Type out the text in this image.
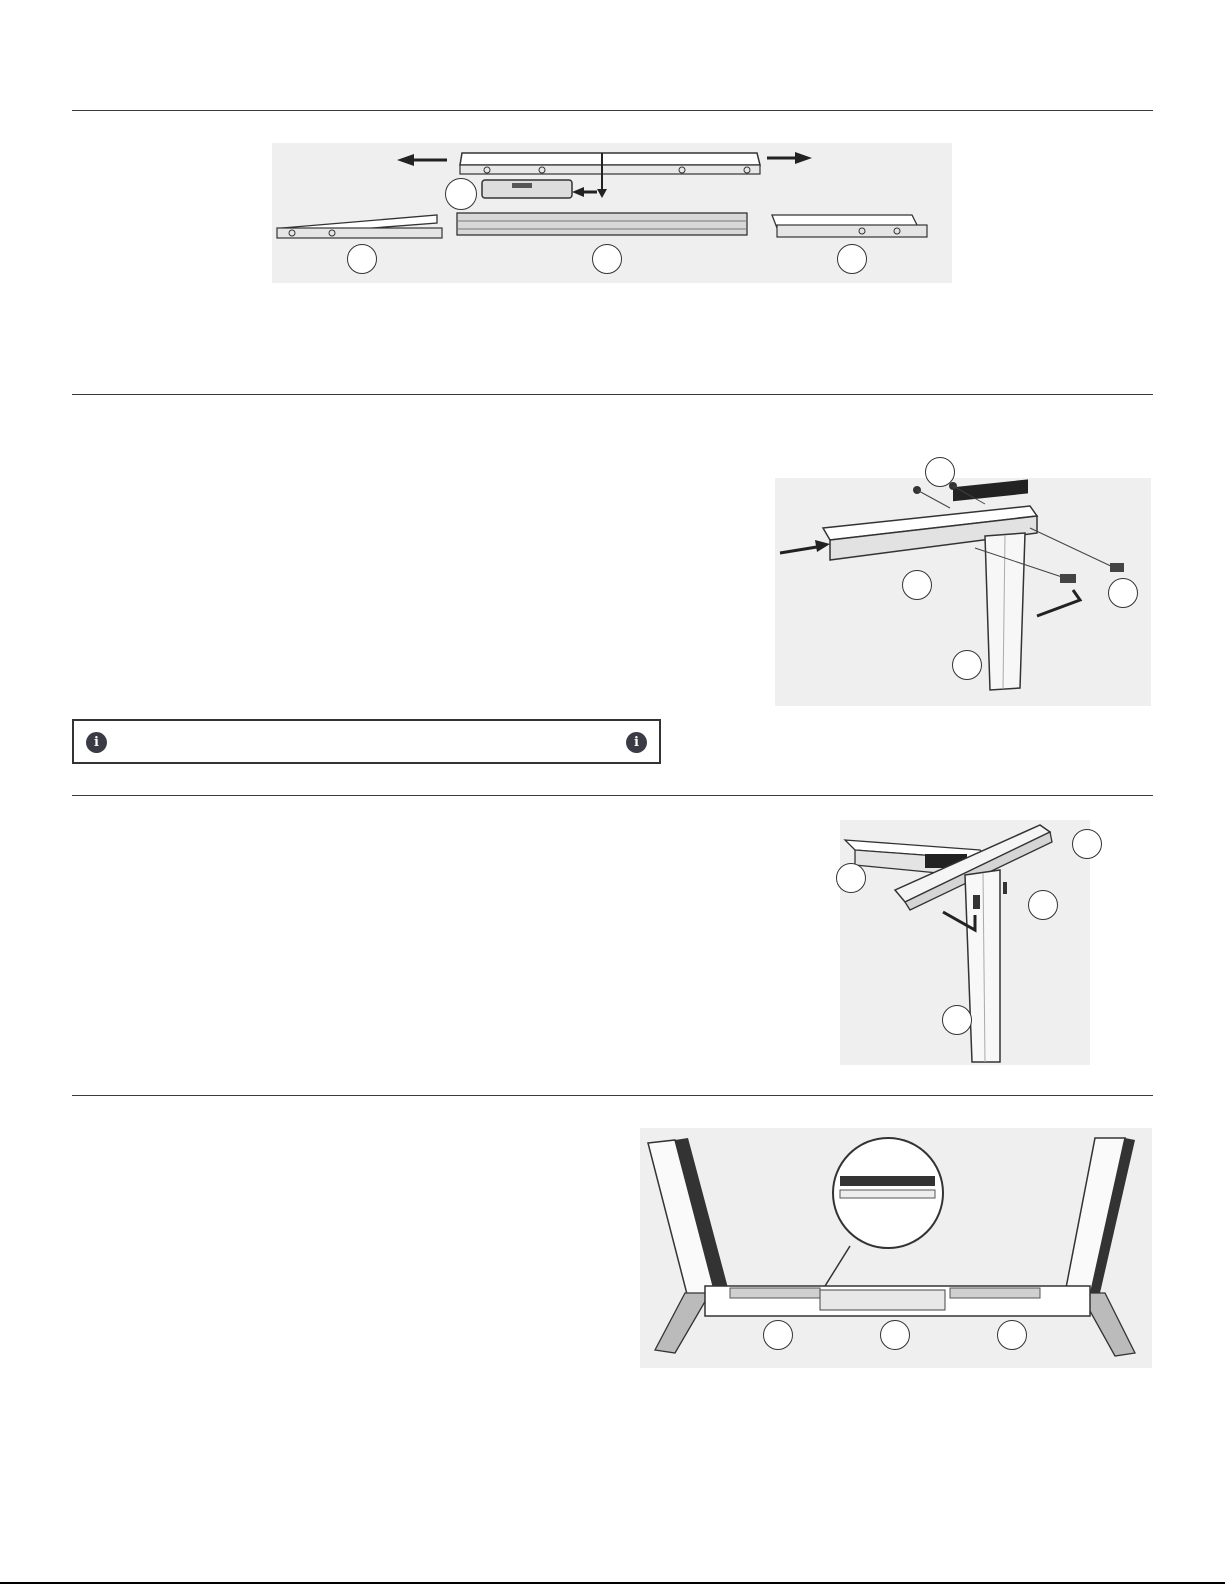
i	i
